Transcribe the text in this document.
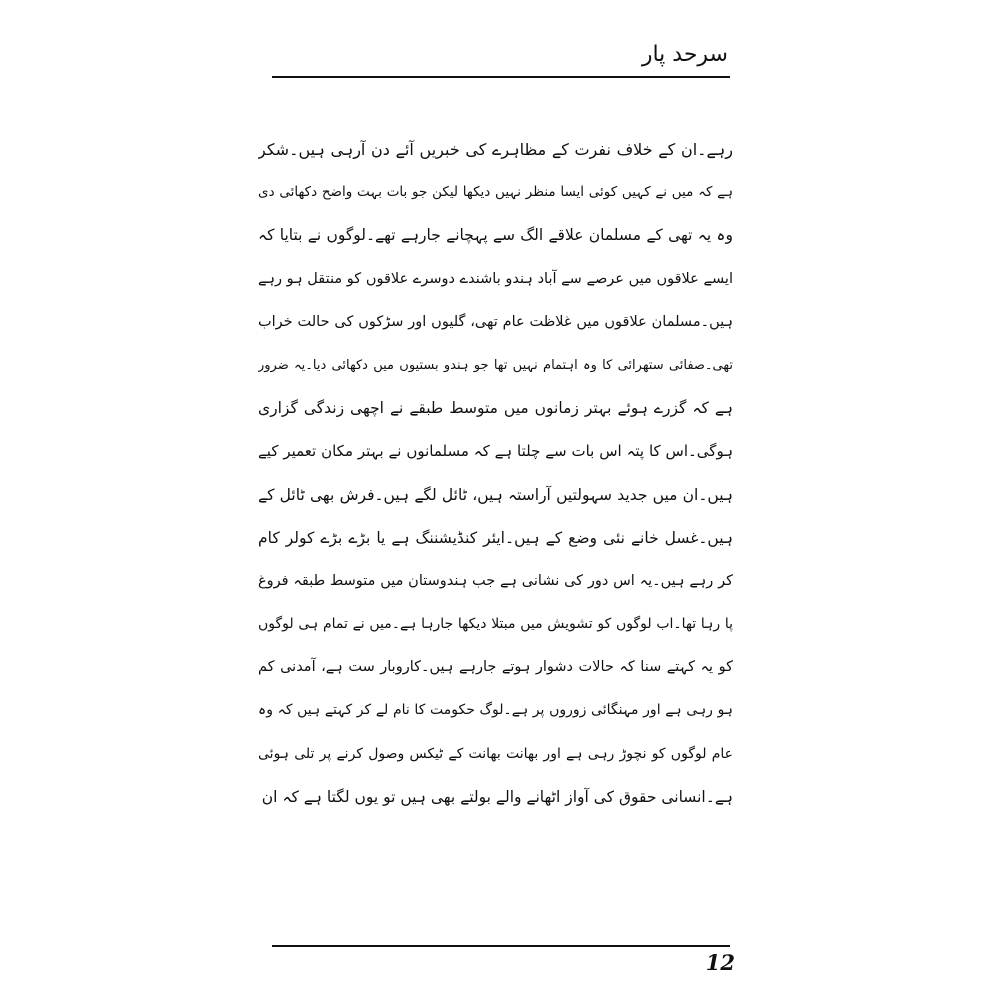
سرحد پار
رہے۔ان کے خلاف نفرت کے مظاہرے کی خبریں آئے دن آرہی ہیں۔شکر
ہے کہ میں نے کہیں کوئی ایسا منظر نہیں دیکھا لیکن جو بات بہت واضح دکھائی دی
وہ یہ تھی کے مسلمان علاقے الگ سے پہچانے جارہے تھے۔لوگوں نے بتایا کہ
ایسے علاقوں میں عرصے سے آباد ہندو باشندے دوسرے علاقوں کو منتقل ہو رہے
ہیں۔مسلمان علاقوں میں غلاظت عام تھی، گلیوں اور سڑکوں کی حالت خراب
تھی۔صفائی ستھرائی کا وہ اہتمام نہیں تھا جو ہندو بستیوں میں دکھائی دیا۔یہ ضرور
ہے کہ گزرے ہوئے بہتر زمانوں میں متوسط طبقے نے اچھی زندگی گزاری
ہوگی۔اس کا پتہ اس بات سے چلتا ہے کہ مسلمانوں نے بہتر مکان تعمیر کیے
ہیں۔ان میں جدید سہولتیں آراستہ ہیں، ٹائل لگے ہیں۔فرش بھی ٹائل کے
ہیں۔غسل خانے نئی وضع کے ہیں۔ایئر کنڈیشننگ ہے یا بڑے بڑے کولر کام
کر رہے ہیں۔یہ اس دور کی نشانی ہے جب ہندوستان میں متوسط طبقہ فروغ
پا رہا تھا۔اب لوگوں کو تشویش میں مبتلا دیکھا جارہا ہے۔میں نے تمام ہی لوگوں
کو یہ کہتے سنا کہ حالات دشوار ہوتے جارہے ہیں۔کاروبار ست ہے، آمدنی کم
ہو رہی ہے اور مہنگائی زوروں پر ہے۔لوگ حکومت کا نام لے کر کہتے ہیں کہ وہ
عام لوگوں کو نچوڑ رہی ہے اور بھانت بھانت کے ٹیکس وصول کرنے پر تلی ہوئی
ہے۔انسانی حقوق کی آواز اٹھانے والے بولتے بھی ہیں تو یوں لگتا ہے کہ ان
12
